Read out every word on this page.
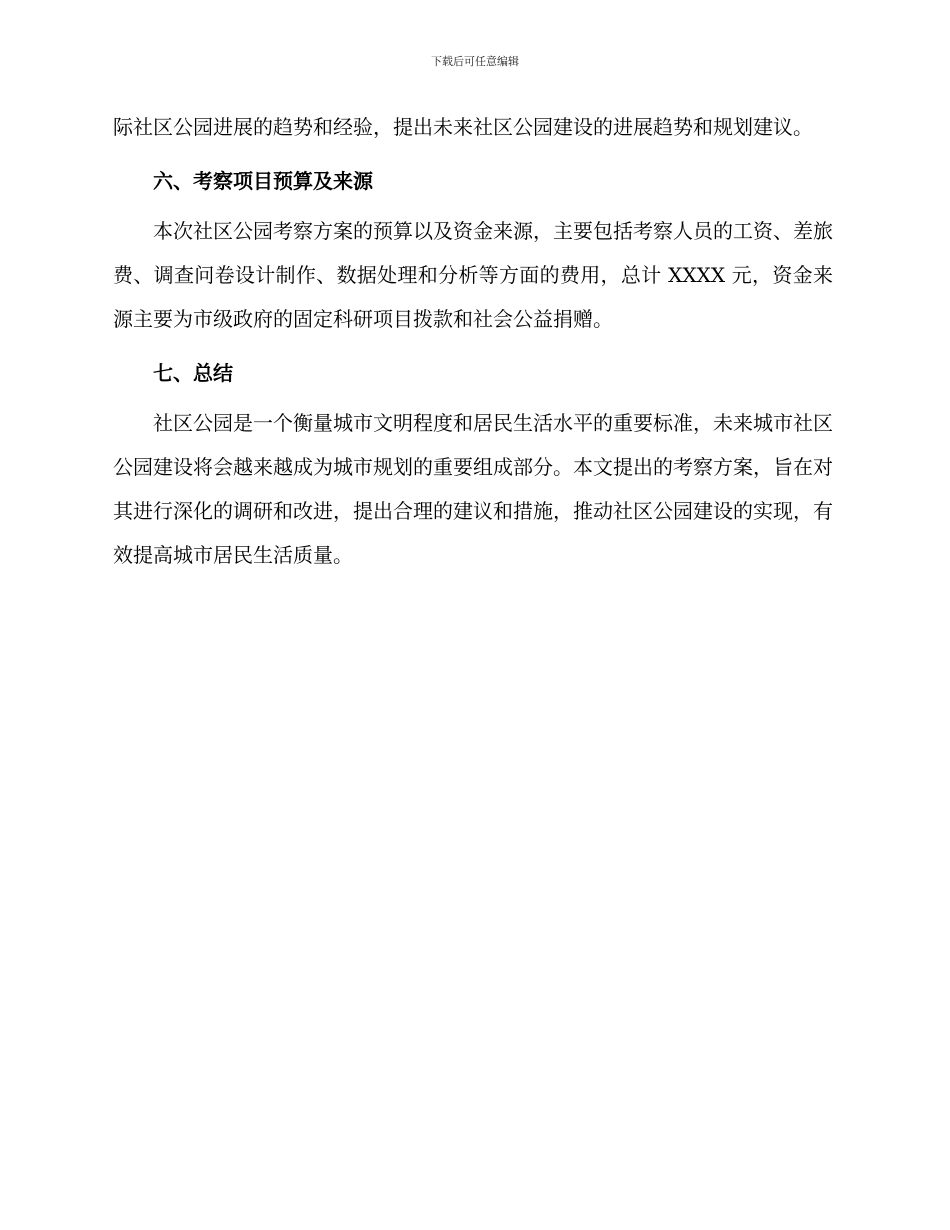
下载后可任意编辑

际社区公园进展的趋势和经验，提出未来社区公园建设的进展趋势和规划建议。

六、考察项目预算及来源

本次社区公园考察方案的预算以及资金来源，主要包括考察人员的工资、差旅费、调查问卷设计制作、数据处理和分析等方面的费用，总计 XXXX 元，资金来源主要为市级政府的固定科研项目拨款和社会公益捐赠。

七、总结

社区公园是一个衡量城市文明程度和居民生活水平的重要标准，未来城市社区公园建设将会越来越成为城市规划的重要组成部分。本文提出的考察方案，旨在对其进行深化的调研和改进，提出合理的建议和措施，推动社区公园建设的实现，有效提高城市居民生活质量。
